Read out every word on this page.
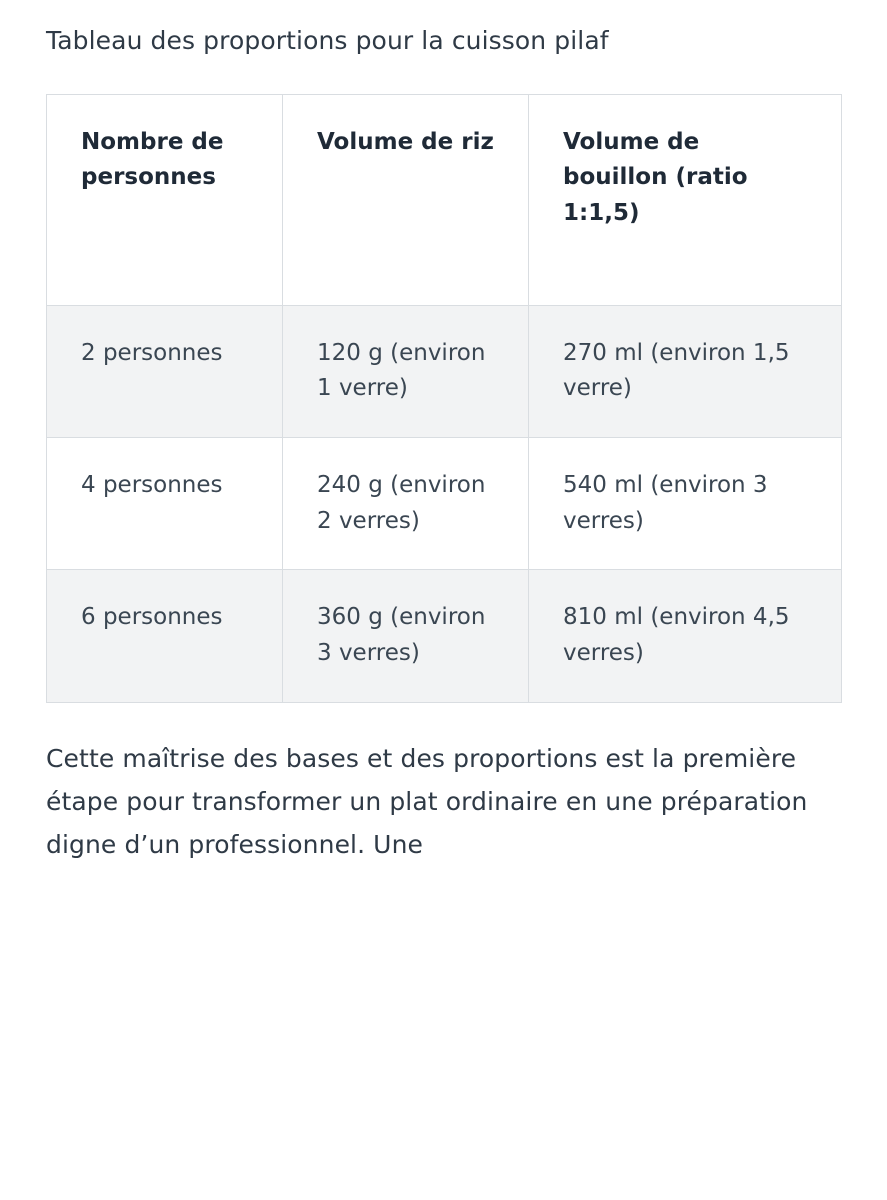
Tableau des proportions pour la cuisson pilaf

Nombre de personnes	Volume de riz	Volume de bouillon (ratio 1:1,5)
2 personnes	120 g (environ 1 verre)	270 ml (environ 1,5 verre)
4 personnes	240 g (environ 2 verres)	540 ml (environ 3 verres)
6 personnes	360 g (environ 3 verres)	810 ml (environ 4,5 verres)

Cette maîtrise des bases et des proportions est la première étape pour transformer un plat ordinaire en une préparation digne d’un professionnel. Une
